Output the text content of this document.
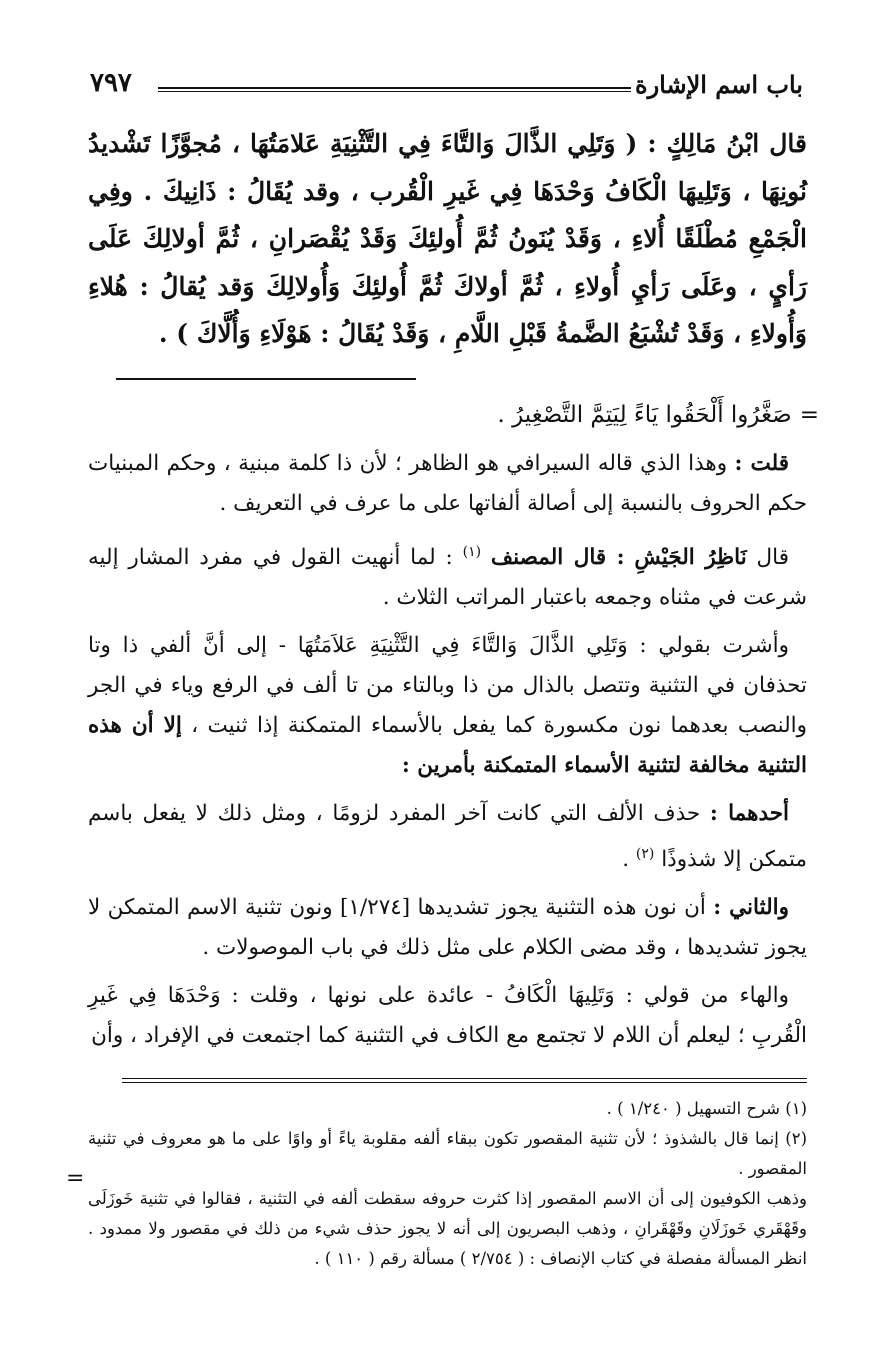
باب اسم الإشارة
٧٩٧
قال ابْنُ مَالِكٍ : ( وَتَلِي الذَّالَ وَالتَّاءَ فِي التَّثْنِيَةِ عَلامَتُهَا ، مُجوَّزًا تَشْديدُ نُونِهَا ، وَتَلِيهَا الْكَافُ وَحْدَهَا فِي غَيرِ الْقُرب ، وقد يُقَالُ : ذَانِيكَ . وفِي الْجَمْعِ مُطْلَقًا أُلاءِ ، وَقَدْ يُنَونُ ثُمَّ أُولئِكَ وَقَدْ يُقْصَرانِ ، ثُمَّ أولالِكَ عَلَى رَأيٍ ، وعَلَى رَأيِ أُولاءِ ، ثُمَّ أولاكَ ثُمَّ أُولئِكَ وَأُولالِكَ وَقد يُقالُ : هُلاءِ وَأُولاءِ ، وَقَدْ تُشْبَعُ الضَّمةُ قَبْلِ اللَّامِ ، وَقَدْ يُقَالُ : هَوْلَاءِ وَأُلَّاكَ ) .
=صَغَّرُوا أَلْحَقُوا يَاءً لِيَتِمَّ التَّصْغِيرُ .

قلت : وهذا الذي قاله السيرافي هو الظاهر ؛ لأن ذا كلمة مبنية ، وحكم المبنيات حكم الحروف بالنسبة إلى أصالة ألفاتها على ما عرف في التعريف .

قال نَاظِرُ الجَيْشِ : قال المصنف $^{(١)}$ : لما أنهيت القول في مفرد المشار إليه شرعت في مثناه وجمعه باعتبار المراتب الثلاث .

وأشرت بقولي : وَتَلِي الذَّالَ وَالتَّاءَ فِي التَّثْنِيَةِ عَلاَمَتُهَا - إلى أنَّ ألفي ذا وتا تحذفان في التثنية وتتصل بالذال من ذا وبالتاء من تا ألف في الرفع وياء في الجر والنصب بعدهما نون مكسورة كما يفعل بالأسماء المتمكنة إذا ثنيت ، إلا أن هذه التثنية مخالفة لتثنية الأسماء المتمكنة بأمرين :

أحدهما : حذف الألف التي كانت آخر المفرد لزومًا ، ومثل ذلك لا يفعل باسم متمكن إلا شذوذًا $^{(٢)}$ .

والثاني : أن نون هذه التثنية يجوز تشديدها [١/٢٧٤] ونون تثنية الاسم المتمكن لا يجوز تشديدها ، وقد مضى الكلام على مثل ذلك في باب الموصولات .

والهاء من قولي : وَتَلِيهَا الْكَافُ - عائدة على نونها ، وقلت : وَحْدَهَا فِي غَيرِ الْقُربِ ؛ ليعلم أن اللام لا تجتمع مع الكاف في التثنية كما اجتمعت في الإفراد ، وأن

=

(١) شرح التسهيل ( ١/٢٤٠ ) .

(٢) إنما قال بالشذوذ ؛ لأن تثنية المقصور تكون ببقاء ألفه مقلوبة ياءً أو واوًا على ما هو معروف في تثنية المقصور .

وذهب الكوفيون إلى أن الاسم المقصور إذا كثرت حروفه سقطت ألفه في التثنية ، فقالوا في تثنية خَوزَلَى وقَهْقَري خَوزَلَانِ وقَهْقَرانِ ، وذهب البصريون إلى أنه لا يجوز حذف شيء من ذلك في مقصور ولا ممدود . انظر المسألة مفصلة في كتاب الإنصاف : ( ٢/٧٥٤ ) مسألة رقم ( ١١٠ ) .
